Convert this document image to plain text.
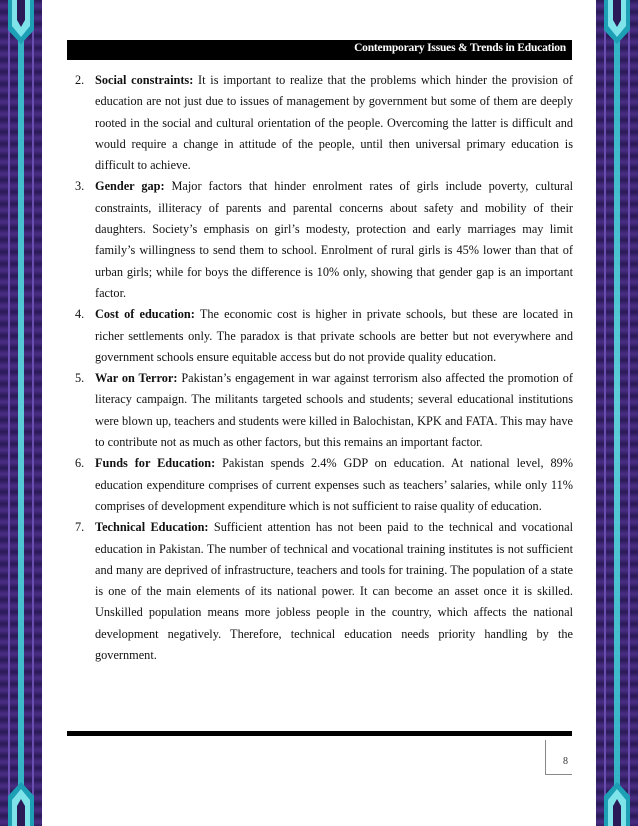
Contemporary Issues & Trends in Education
2. Social constraints: It is important to realize that the problems which hinder the provision of education are not just due to issues of management by government but some of them are deeply rooted in the social and cultural orientation of the people. Overcoming the latter is difficult and would require a change in attitude of the people, until then universal primary education is difficult to achieve.
3. Gender gap: Major factors that hinder enrolment rates of girls include poverty, cultural constraints, illiteracy of parents and parental concerns about safety and mobility of their daughters. Society’s emphasis on girl’s modesty, protection and early marriages may limit family’s willingness to send them to school. Enrolment of rural girls is 45% lower than that of urban girls; while for boys the difference is 10% only, showing that gender gap is an important factor.
4. Cost of education: The economic cost is higher in private schools, but these are located in richer settlements only. The paradox is that private schools are better but not everywhere and government schools ensure equitable access but do not provide quality education.
5. War on Terror: Pakistan’s engagement in war against terrorism also affected the promotion of literacy campaign. The militants targeted schools and students; several educational institutions were blown up, teachers and students were killed in Balochistan, KPK and FATA. This may have to contribute not as much as other factors, but this remains an important factor.
6. Funds for Education: Pakistan spends 2.4% GDP on education. At national level, 89% education expenditure comprises of current expenses such as teachers’ salaries, while only 11% comprises of development expenditure which is not sufficient to raise quality of education.
7. Technical Education: Sufficient attention has not been paid to the technical and vocational education in Pakistan. The number of technical and vocational training institutes is not sufficient and many are deprived of infrastructure, teachers and tools for training. The population of a state is one of the main elements of its national power. It can become an asset once it is skilled. Unskilled population means more jobless people in the country, which affects the national development negatively. Therefore, technical education needs priority handling by the government.
8
